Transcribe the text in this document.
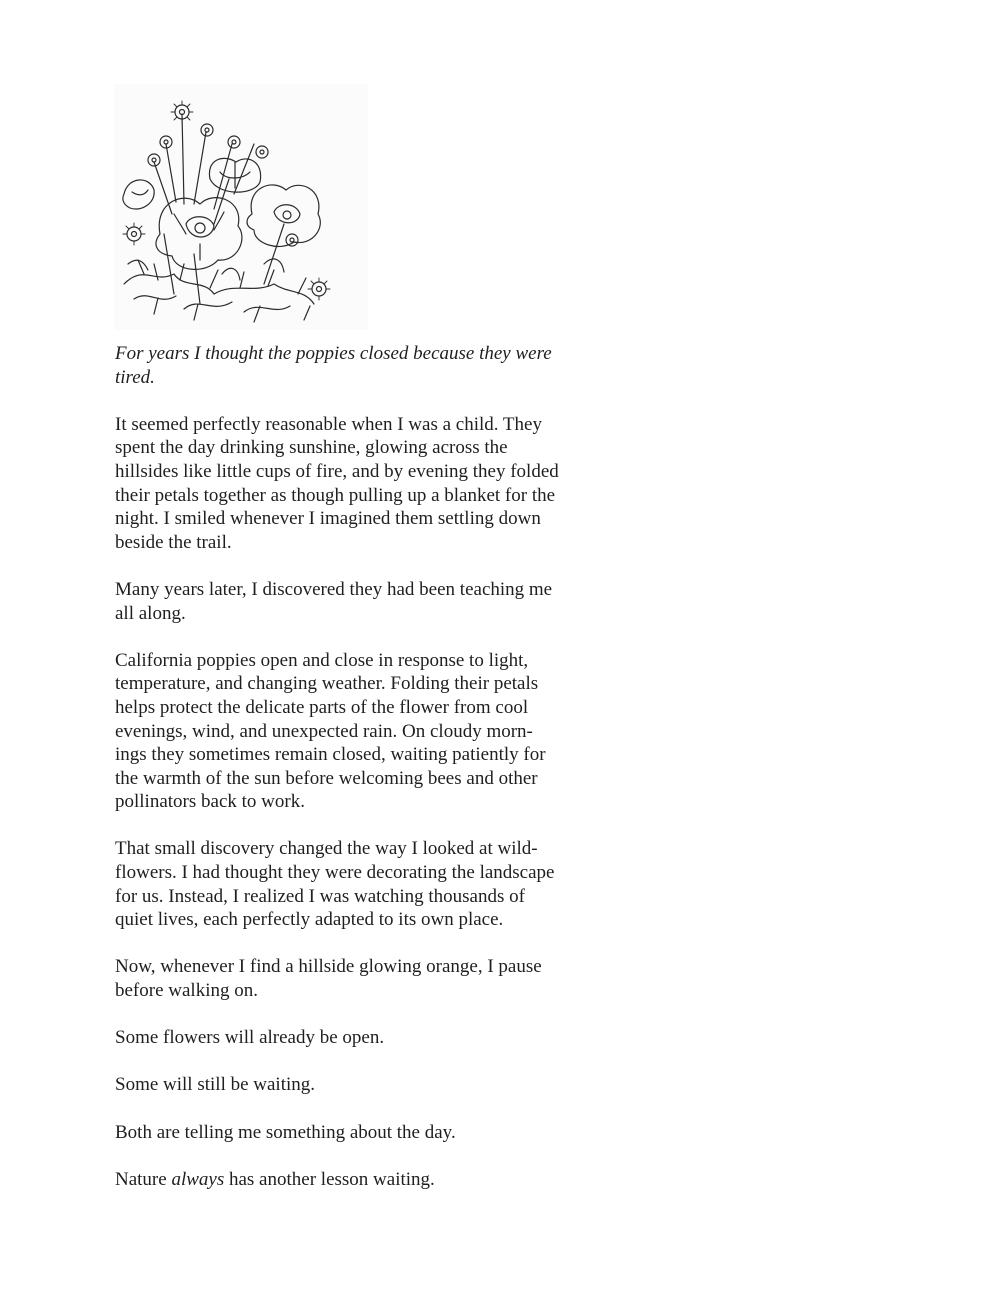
For years I thought the poppies closed because they were tired.

It seemed perfectly reasonable when I was a child. They
spent the day drinking sunshine, glowing across the
hillsides like little cups of fire, and by evening they folded
their petals together as though pulling up a blanket for the
night. I smiled whenever I imagined them settling down
beside the trail.

Many years later, I discovered they had been teaching me
all along.

California poppies open and close in response to light,
temperature, and changing weather. Folding their petals
helps protect the delicate parts of the flower from cool
evenings, wind, and unexpected rain. On cloudy morn-
ings they sometimes remain closed, waiting patiently for
the warmth of the sun before welcoming bees and other
pollinators back to work.

That small discovery changed the way I looked at wild-
flowers. I had thought they were decorating the landscape
for us. Instead, I realized I was watching thousands of
quiet lives, each perfectly adapted to its own place.

Now, whenever I find a hillside glowing orange, I pause
before walking on.

Some flowers will already be open.

Some will still be waiting.

Both are telling me something about the day.

Nature always has another lesson waiting.
